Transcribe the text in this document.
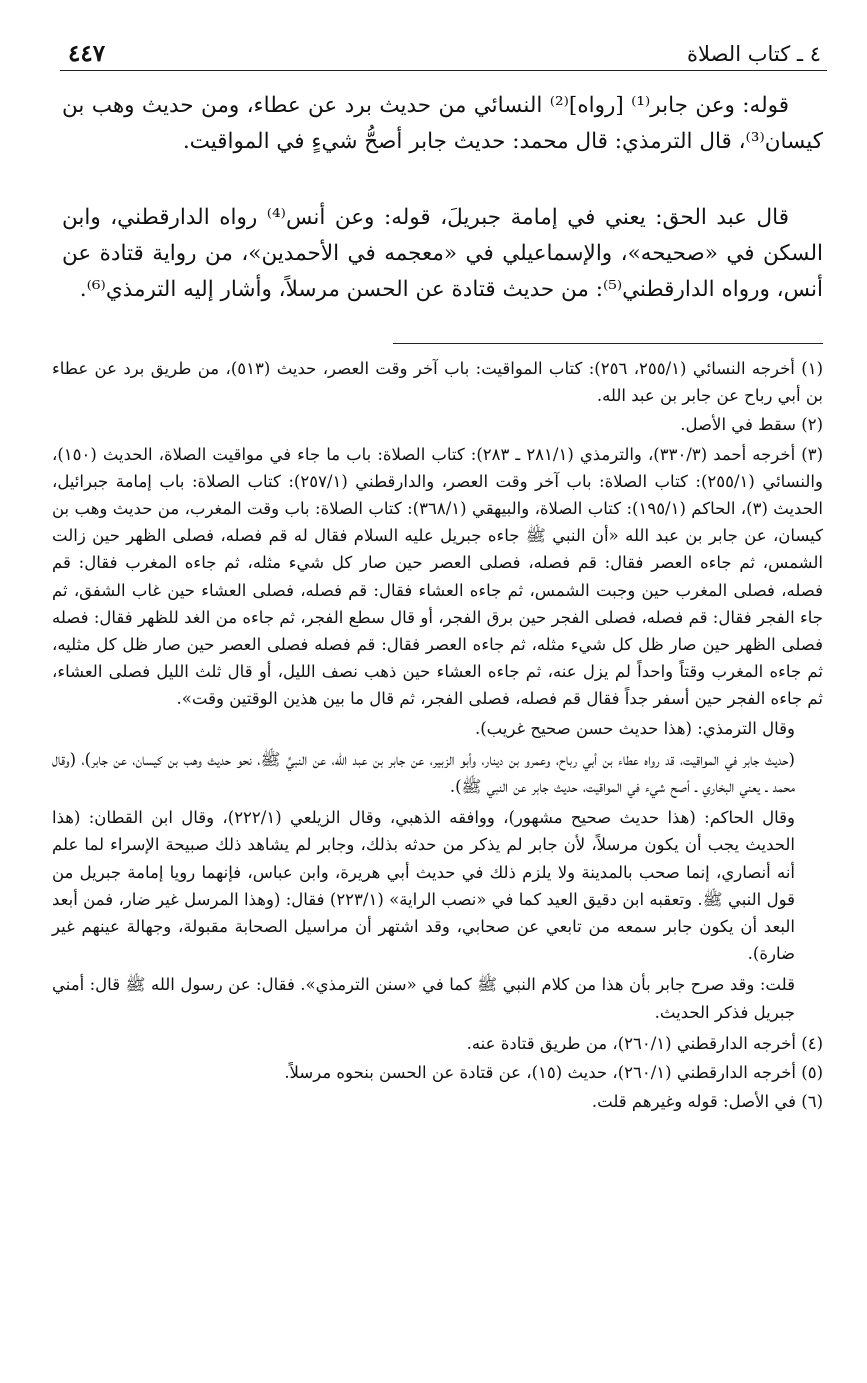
٤٤٧	٤ ـ كتاب الصلاة

قوله: وعن جابر⁽¹⁾ [رواه]⁽²⁾ النسائي من حديث برد عن عطاء، ومن حديث وهب بن كيسان⁽³⁾، قال الترمذي: قال محمد: حديث جابر أصحُّ شيءٍ في المواقيت.

قال عبد الحق: يعني في إمامة جبريلَ، قوله: وعن أنس⁽⁴⁾ رواه الدارقطني، وابن السكن في «صحيحه»، والإسماعيلي في «معجمه في الأحمدين»، من رواية قتادة عن أنس، ورواه الدارقطني⁽⁵⁾: من حديث قتادة عن الحسن مرسلاً، وأشار إليه الترمذي⁽⁶⁾.

(١) أخرجه النسائي (٢٥٥/١، ٢٥٦): كتاب المواقيت: باب آخر وقت العصر، حديث (٥١٣)، من طريق برد عن عطاء بن أبي رباح عن جابر بن عبد الله.

(٢) سقط في الأصل.

(٣) أخرجه أحمد (٣٣٠/٣)، والترمذي (٢٨١/١ ـ ٢٨٣): كتاب الصلاة: باب ما جاء في مواقيت الصلاة، الحديث (١٥٠)، والنسائي (٢٥٥/١): كتاب الصلاة: باب آخر وقت العصر، والدارقطني (٢٥٧/١): كتاب الصلاة: باب إمامة جبرائيل، الحديث (٣)، الحاكم (١٩٥/١): كتاب الصلاة، والبيهقي (٣٦٨/١): كتاب الصلاة: باب وقت المغرب، من حديث وهب بن كيسان، عن جابر بن عبد الله «أن النبي ﷺ جاءه جبريل عليه السلام فقال له قم فصله، فصلى الظهر حين زالت الشمس، ثم جاءه العصر فقال: قم فصله، فصلى العصر حين صار كل شيء مثله، ثم جاءه المغرب فقال: قم فصله، فصلى المغرب حين وجبت الشمس، ثم جاءه العشاء فقال: قم فصله، فصلى العشاء حين غاب الشفق، ثم جاء الفجر فقال: قم فصله، فصلى الفجر حين برق الفجر، أو قال سطع الفجر، ثم جاءه من الغد للظهر فقال: فصله فصلى الظهر حين صار ظل كل شيء مثله، ثم جاءه العصر فقال: قم فصله فصلى العصر حين صار ظل كل مثليه، ثم جاءه المغرب وقتاً واحداً لم يزل عنه، ثم جاءه العشاء حين ذهب نصف الليل، أو قال ثلث الليل فصلى العشاء، ثم جاءه الفجر حين أسفر جداً فقال قم فصله، فصلى الفجر، ثم قال ما بين هذين الوقتين وقت».

وقال الترمذي: (هذا حديث حسن صحيح غريب).

(حديث جابر في المواقيت، قد رواه عطاء بن أبي رباح، وعمرو بن دينار، وأبو الزبير، عن جابر بن عبد الله، عن النبيِّ ﷺ، نحو حديث وهب بن كيسان، عن جابر)، (وقال محمد ـ يعني البخاري ـ أصح شيء في المواقيت، حديث جابر عن النبي ﷺ).

وقال الحاكم: (هذا حديث صحيح مشهور)، ووافقه الذهبي، وقال الزيلعي (٢٢٢/١)، وقال ابن القطان: (هذا الحديث يجب أن يكون مرسلاً، لأن جابر لم يذكر من حدثه بذلك، وجابر لم يشاهد ذلك صبيحة الإسراء لما علم أنه أنصاري، إنما صحب بالمدينة ولا يلزم ذلك في حديث أبي هريرة، وابن عباس، فإنهما رويا إمامة جبريل من قول النبي ﷺ. وتعقبه ابن دقيق العيد كما في «نصب الراية» (٢٢٣/١) فقال: (وهذا المرسل غير ضار، فمن أبعد البعد أن يكون جابر سمعه من تابعي عن صحابي، وقد اشتهر أن مراسيل الصحابة مقبولة، وجهالة عينهم غير ضارة).

قلت: وقد صرح جابر بأن هذا من كلام النبي ﷺ كما في «سنن الترمذي». فقال: عن رسول الله ﷺ قال: أمني جبريل فذكر الحديث.

(٤) أخرجه الدارقطني (٢٦٠/١)، من طريق قتادة عنه.

(٥) أخرجه الدارقطني (٢٦٠/١)، حديث (١٥)، عن قتادة عن الحسن بنحوه مرسلاً.

(٦) في الأصل: قوله وغيرهم قلت.
